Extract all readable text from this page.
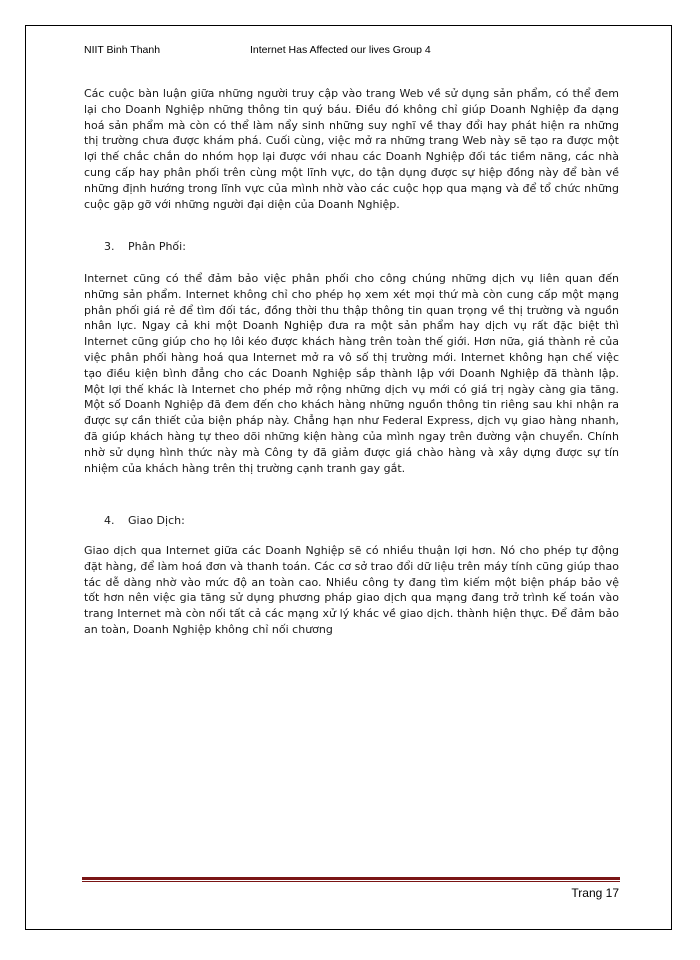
NIIT Binh Thanh	Internet Has Affected our lives Group 4

Các cuộc bàn luận giữa những người truy cập vào trang Web về sử dụng sản phẩm, có thể đem lại cho Doanh Nghiệp những thông tin quý báu. Điều đó không chỉ giúp Doanh Nghiệp đa dạng hoá sản phẩm mà còn có thể làm nẩy sinh những suy nghĩ về thay đổi hay phát hiện ra những thị trường chưa được khám phá. Cuối cùng, việc mở ra những trang Web này sẽ tạo ra được một lợi thế chắc chắn do nhóm họp lại được với nhau các Doanh Nghiệp đối tác tiềm năng, các nhà cung cấp hay phân phối trên cùng một lĩnh vực, do tận dụng được sự hiệp đồng này để bàn về những định hướng trong lĩnh vực của mình nhờ vào các cuộc họp qua mạng và để tổ chức những cuộc gặp gỡ với những người đại diện của Doanh Nghiệp.

3. Phân Phối:

Internet cũng có thể đảm bảo việc phân phối cho công chúng những dịch vụ liên quan đến những sản phẩm. Internet không chỉ cho phép họ xem xét mọi thứ mà còn cung cấp một mạng phân phối giá rẻ để tìm đối tác, đồng thời thu thập thông tin quan trọng về thị trường và nguồn nhân lực. Ngay cả khi một Doanh Nghiệp đưa ra một sản phẩm hay dịch vụ rất đặc biệt thì Internet cũng giúp cho họ lôi kéo được khách hàng trên toàn thế giới. Hơn nữa, giá thành rẻ của việc phân phối hàng hoá qua Internet mở ra vô số thị trường mới. Internet không hạn chế việc tạo điều kiện bình đẳng cho các Doanh Nghiệp sắp thành lập với Doanh Nghiệp đã thành lập. Một lợi thế khác là Internet cho phép mở rộng những dịch vụ mới có giá trị ngày càng gia tăng. Một số Doanh Nghiệp đã đem đến cho khách hàng những nguồn thông tin riêng sau khi nhận ra được sự cần thiết của biện pháp này. Chẳng hạn như Federal Express, dịch vụ giao hàng nhanh, đã giúp khách hàng tự theo dõi những kiện hàng của mình ngay trên đường vận chuyển. Chính nhờ sử dụng hình thức này mà Công ty đã giảm được giá chào hàng và xây dựng được sự tín nhiệm của khách hàng trên thị trường cạnh tranh gay gắt.

4. Giao Dịch:

Giao dịch qua Internet giữa các Doanh Nghiệp sẽ có nhiều thuận lợi hơn. Nó cho phép tự động đặt hàng, để làm hoá đơn và thanh toán. Các cơ sở trao đổi dữ liệu trên máy tính cũng giúp thao tác dễ dàng nhờ vào mức độ an toàn cao. Nhiều công ty đang tìm kiếm một biện pháp bảo vệ tốt hơn nên việc gia tăng sử dụng phương pháp giao dịch qua mạng đang trở trình kế toán vào trang Internet mà còn nối tất cả các mạng xử lý khác về giao dịch. thành hiện thực. Để đảm bảo an toàn, Doanh Nghiệp không chỉ nối chương

Trang 17
